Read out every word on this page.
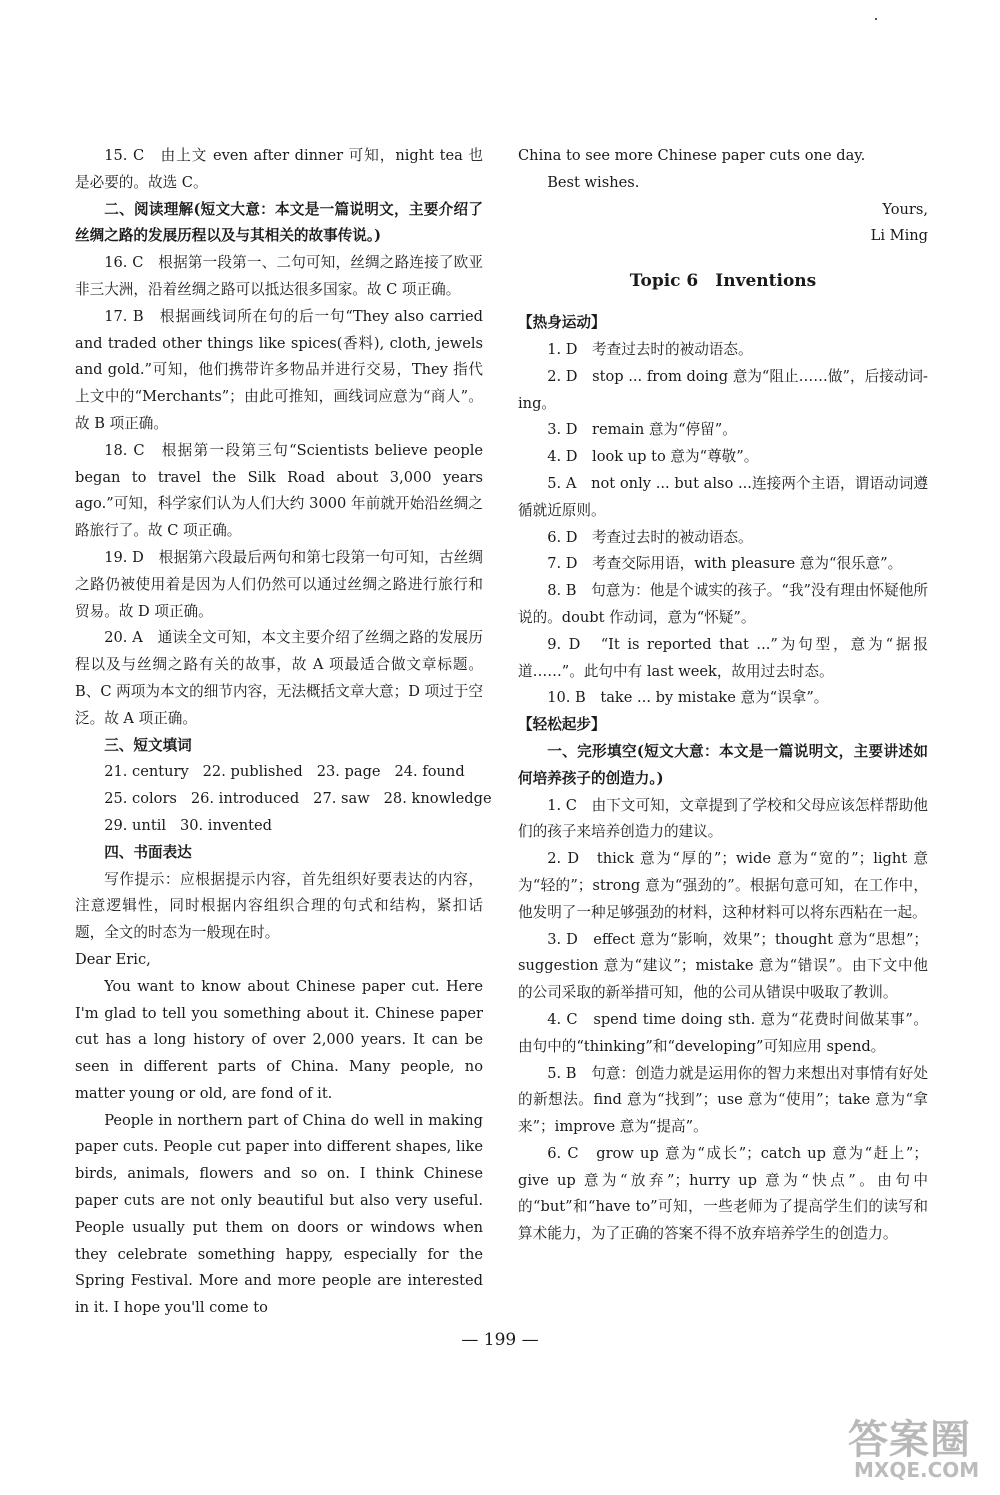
15. C　由上文 even after dinner 可知，night tea 也是必要的。故选 C。

二、阅读理解(短文大意：本文是一篇说明文，主要介绍了丝绸之路的发展历程以及与其相关的故事传说。)

16. C　根据第一段第一、二句可知，丝绸之路连接了欧亚非三大洲，沿着丝绸之路可以抵达很多国家。故 C 项正确。

17. B　根据画线词所在句的后一句“They also carried and traded other things like spices(香料), cloth, jewels and gold.”可知，他们携带许多物品并进行交易，They 指代上文中的“Merchants”；由此可推知，画线词应意为“商人”。故 B 项正确。

18. C　根据第一段第三句“Scientists believe people began to travel the Silk Road about 3,000 years ago.”可知，科学家们认为人们大约 3000 年前就开始沿丝绸之路旅行了。故 C 项正确。

19. D　根据第六段最后两句和第七段第一句可知，古丝绸之路仍被使用着是因为人们仍然可以通过丝绸之路进行旅行和贸易。故 D 项正确。

20. A　通读全文可知，本文主要介绍了丝绸之路的发展历程以及与丝绸之路有关的故事，故 A 项最适合做文章标题。B、C 两项为本文的细节内容，无法概括文章大意；D 项过于空泛。故 A 项正确。

三、短文填词

21. century   22. published   23. page   24. found

25. colors   26. introduced   27. saw   28. knowledge

29. until   30. invented

四、书面表达

写作提示：应根据提示内容，首先组织好要表达的内容，注意逻辑性，同时根据内容组织合理的句式和结构，紧扣话题，全文的时态为一般现在时。

Dear Eric,

You want to know about Chinese paper cut. Here I'm glad to tell you something about it. Chinese paper cut has a long history of over 2,000 years. It can be seen in different parts of China. Many people, no matter young or old, are fond of it.

People in northern part of China do well in making paper cuts. People cut paper into different shapes, like birds, animals, flowers and so on. I think Chinese paper cuts are not only beautiful but also very useful. People usually put them on doors or windows when they celebrate something happy, especially for the Spring Festival. More and more people are interested in it. I hope you'll come to

China to see more Chinese paper cuts one day.

Best wishes.

Yours,

Li Ming

Topic 6　Inventions

【热身运动】

1. D　考查过去时的被动语态。

2. D　stop ... from doing 意为“阻止……做”，后接动词-ing。

3. D　remain 意为“停留”。

4. D　look up to 意为“尊敬”。

5. A　not only ... but also ...连接两个主语，谓语动词遵循就近原则。

6. D　考查过去时的被动语态。

7. D　考查交际用语，with pleasure 意为“很乐意”。

8. B　句意为：他是个诚实的孩子。“我”没有理由怀疑他所说的。doubt 作动词，意为“怀疑”。

9. D　“It is reported that ...”为句型，意为“据报道……”。此句中有 last week，故用过去时态。

10. B　take ... by mistake 意为“误拿”。

【轻松起步】

一、完形填空(短文大意：本文是一篇说明文，主要讲述如何培养孩子的创造力。)

1. C　由下文可知，文章提到了学校和父母应该怎样帮助他们的孩子来培养创造力的建议。

2. D　thick 意为“厚的”；wide 意为“宽的”；light 意为“轻的”；strong 意为“强劲的”。根据句意可知，在工作中，他发明了一种足够强劲的材料，这种材料可以将东西粘在一起。

3. D　effect 意为“影响，效果”；thought 意为“思想”；suggestion 意为“建议”；mistake 意为“错误”。由下文中他的公司采取的新举措可知，他的公司从错误中吸取了教训。

4. C　spend time doing sth. 意为“花费时间做某事”。由句中的“thinking”和“developing”可知应用 spend。

5. B　句意：创造力就是运用你的智力来想出对事情有好处的新想法。find 意为“找到”；use 意为“使用”；take 意为“拿来”；improve 意为“提高”。

6. C　grow up 意为“成长”；catch up 意为“赶上”；give up 意为“放弃”；hurry up 意为“快点”。由句中的“but”和“have to”可知，一些老师为了提高学生们的读写和算术能力，为了正确的答案不得不放弃培养学生的创造力。

— 199 —
答案圈
MXQE.COM
